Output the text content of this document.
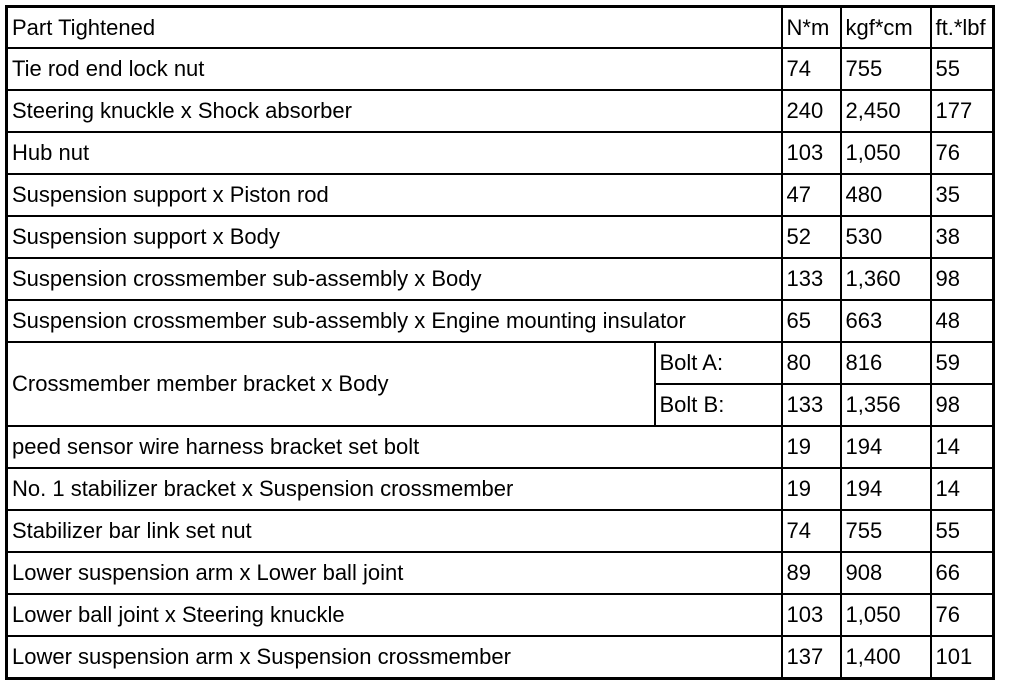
Part Tightened		N*m	kgf*cm	ft.*lbf
Tie rod end lock nut		74	755	55
Steering knuckle x Shock absorber		240	2,450	177
Hub nut		103	1,050	76
Suspension support x Piston rod		47	480	35
Suspension support x Body		52	530	38
Suspension crossmember sub-assembly x Body		133	1,360	98
Suspension crossmember sub-assembly x Engine mounting insulator		65	663	48
Crossmember member bracket x Body	Bolt A:	80	816	59
	Bolt B:	133	1,356	98
peed sensor wire harness bracket set bolt		19	194	14
No. 1 stabilizer bracket x Suspension crossmember		19	194	14
Stabilizer bar link set nut		74	755	55
Lower suspension arm x Lower ball joint		89	908	66
Lower ball joint x Steering knuckle		103	1,050	76
Lower suspension arm x Suspension crossmember		137	1,400	101
